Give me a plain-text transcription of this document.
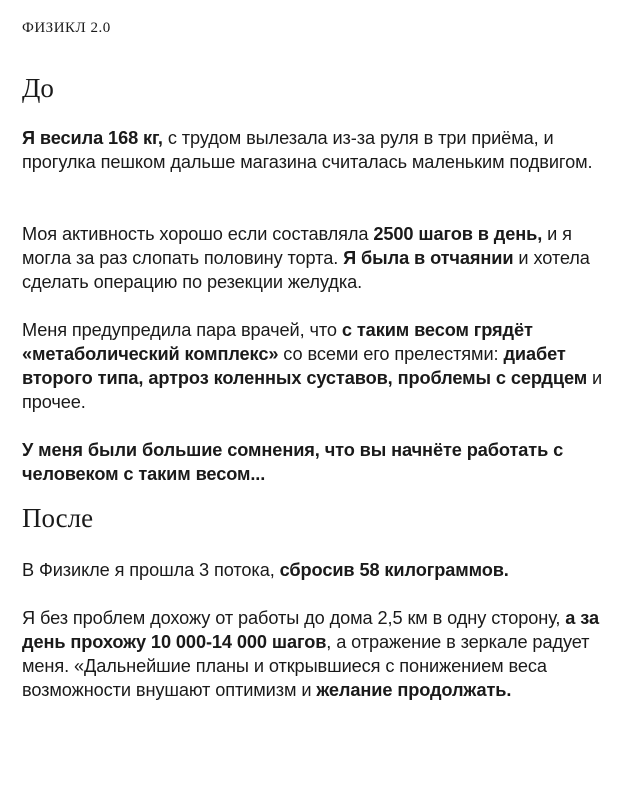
ФИЗИКЛ 2.0
До

Я весила 168 кг, с трудом вылезала из-за руля в три приёма, и прогулка пешком дальше магазина считалась маленьким подвигом.

Моя активность хорошо если составляла 2500 шагов в день, и я могла за раз слопать половину торта. Я была в отчаянии и хотела сделать операцию по резекции желудка.

Меня предупредила пара врачей, что с таким весом грядёт «метаболический комплекс» со всеми его прелестями: диабет второго типа, артроз коленных суставов, проблемы с сердцем и прочее.

У меня были большие сомнения, что вы начнёте работать с человеком с таким весом...

После

В Физикле я прошла 3 потока, сбросив 58 килограммов.

Я без проблем дохожу от работы до дома 2,5 км в одну сторону, а за день прохожу 10 000-14 000 шагов, а отражение в зеркале радует меня. «Дальнейшие планы и открывшиеся с понижением веса возможности внушают оптимизм и желание продолжать.
